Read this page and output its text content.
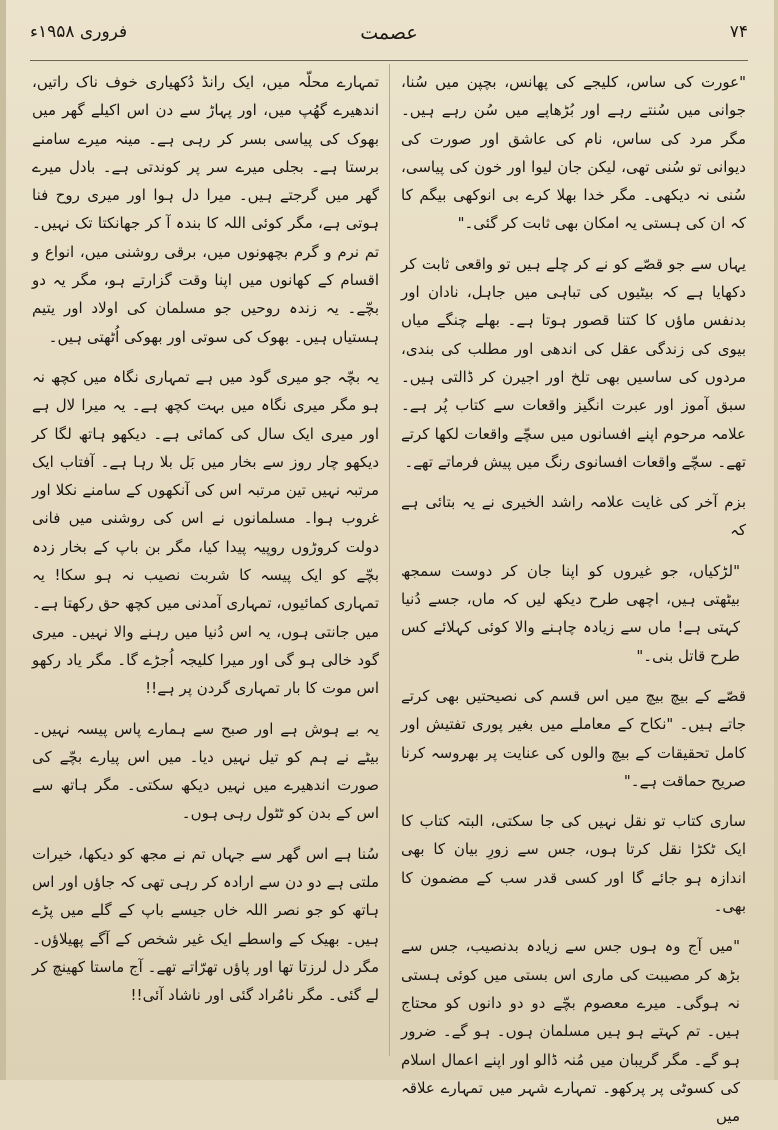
۷۴
عصمت
فروری ۱۹۵۸ء

"عورت کی ساس، کلیجے کی پھانس، بچپن میں سُنا، جوانی میں سُنتے رہے اور بُڑھاپے میں سُن رہے ہیں۔ مگر مرد کی ساس، نام کی عاشق اور صورت کی دیوانی تو سُنی تھی، لیکن جان لیوا اور خون کی پیاسی، سُنی نہ دیکھی۔ مگر خدا بھلا کرے بی انوکھی بیگم کا کہ ان کی ہستی یہ امکان بھی ثابت کر گئی۔"

یہاں سے جو قصّے کو نے کر چلے ہیں تو واقعی ثابت کر دکھایا ہے کہ بیٹیوں کی تباہی میں جاہل، نادان اور بدنفس ماؤں کا کتنا قصور ہوتا ہے۔ بھلے چنگے میاں بیوی کی زندگی عقل کی اندھی اور مطلب کی بندی، مردوں کی ساسیں بھی تلخ اور اجیرن کر ڈالتی ہیں۔ سبق آموز اور عبرت انگیز واقعات سے کتاب پُر ہے۔ علامہ مرحوم اپنے افسانوں میں سچّے واقعات لکھا کرتے تھے۔ سچّے واقعات افسانوی رنگ میں پیش فرماتے تھے۔

بزم آخر کی غایت علامہ راشد الخیری نے یہ بتائی ہے کہ

"لڑکیاں، جو غیروں کو اپنا جان کر دوست سمجھ بیٹھتی ہیں، اچھی طرح دیکھ لیں کہ ماں، جسے دُنیا کہتی ہے! ماں سے زیادہ چاہنے والا کوئی کہلائے کس طرح قاتل بنی۔"

قصّے کے بیچ بیچ میں اس قسم کی نصیحتیں بھی کرتے جاتے ہیں۔ "نکاح کے معاملے میں بغیر پوری تفتیش اور کامل تحقیقات کے بیچ والوں کی عنایت پر بھروسہ کرنا صریح حماقت ہے۔"

ساری کتاب تو نقل نہیں کی جا سکتی، البتہ کتاب کا ایک ٹکڑا نقل کرتا ہوں، جس سے زورِ بیان کا بھی اندازہ ہو جائے گا اور کسی قدر سب کے مضمون کا بھی۔

"میں آج وہ ہوں جس سے زیادہ بدنصیب، جس سے بڑھ کر مصیبت کی ماری اس بستی میں کوئی ہستی نہ ہوگی۔ میرے معصوم بچّے دو دو دانوں کو محتاج ہیں۔ تم کہتے ہو ہیں مسلمان ہوں۔ ہو گے۔ ضرور ہو گے۔ مگر گریبان میں مُنہ ڈالو اور اپنے اعمال اسلام کی کسوٹی پر پرکھو۔ تمہارے شہر میں تمہارے علاقہ میں

تمہارے محلّہ میں، ایک رانڈ دُکھیاری خوف ناک راتیں، اندھیرے گھُپ میں، اور پہاڑ سے دن اس اکیلے گھر میں بھوک کی پیاسی بسر کر رہی ہے۔ مینہ میرے سامنے برستا ہے۔ بجلی میرے سر پر کوندتی ہے۔ بادل میرے گھر میں گرجتے ہیں۔ میرا دل ہوا اور میری روح فنا ہوتی ہے، مگر کوئی اللہ کا بندہ آ کر جھانکتا تک نہیں۔ تم نرم و گرم بچھونوں میں، برقی روشنی میں، انواع و اقسام کے کھانوں میں اپنا وقت گزارتے ہو، مگر یہ دو بچّے۔ یہ زندہ روحیں جو مسلمان کی اولاد اور یتیم ہستیاں ہیں۔ بھوک کی سوتی اور بھوکی اُٹھتی ہیں۔

یہ بچّہ جو میری گود میں ہے تمہاری نگاہ میں کچھ نہ ہو مگر میری نگاہ میں بہت کچھ ہے۔ یہ میرا لال ہے اور میری ایک سال کی کمائی ہے۔ دیکھو ہاتھ لگا کر دیکھو چار روز سے بخار میں بَل بلا رہا ہے۔ آفتاب ایک مرتبہ نہیں تین مرتبہ اس کی آنکھوں کے سامنے نکلا اور غروب ہوا۔ مسلمانوں نے اس کی روشنی میں فانی دولت کروڑوں روپیہ پیدا کیا، مگر بن باپ کے بخار زدہ بچّے کو ایک پیسہ کا شربت نصیب نہ ہو سکا! یہ تمہاری کمائیوں، تمہاری آمدنی میں کچھ حق رکھتا ہے۔ میں جانتی ہوں، یہ اس دُنیا میں رہنے والا نہیں۔ میری گود خالی ہو گی اور میرا کلیجہ اُجڑے گا۔ مگر یاد رکھو اس موت کا بار تمہاری گردن پر ہے!!

یہ بے ہوش ہے اور صبح سے ہمارے پاس پیسہ نہیں۔ بیٹے نے ہم کو تیل نہیں دیا۔ میں اس پیارے بچّے کی صورت اندھیرے میں نہیں دیکھ سکتی۔ مگر ہاتھ سے اس کے بدن کو ٹٹول رہی ہوں۔

سُنا ہے اس گھر سے جہاں تم نے مجھ کو دیکھا، خیرات ملتی ہے دو دن سے ارادہ کر رہی تھی کہ جاؤں اور اس ہاتھ کو جو نصر اللہ خاں جیسے باپ کے گلے میں پڑے ہیں۔ بھیک کے واسطے ایک غیر شخص کے آگے پھیلاؤں۔ مگر دل لرزتا تھا اور پاؤں تھرّاتے تھے۔ آج ماستا کھینچ کر لے گئی۔ مگر نامُراد گئی اور ناشاد آئی!!
